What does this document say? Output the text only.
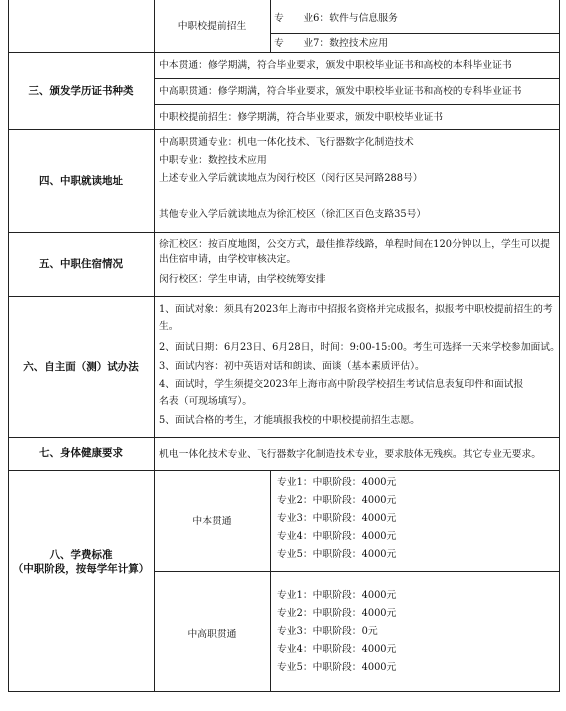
中职校提前招生
专　　业6：软件与信息服务
专　　业7：数控技术应用
三、颁发学历证书种类
中本贯通：修学期满，符合毕业要求，颁发中职校毕业证书和高校的本科毕业证书
中高职贯通：修学期满，符合毕业要求，颁发中职校毕业证书和高校的专科毕业证书
中职校提前招生：修学期满，符合毕业要求，颁发中职校毕业证书
四、中职就读地址
中高职贯通专业：机电一体化技术、飞行器数字化制造技术
中职专业：数控技术应用
上述专业入学后就读地点为闵行校区（闵行区吴河路288号）
其他专业入学后就读地点为徐汇校区（徐汇区百色支路35号）
五、中职住宿情况
徐汇校区：按百度地图，公交方式，最佳推荐线路，单程时间在120分钟以上，学生可以提出住宿申请，由学校审核决定。
闵行校区：学生申请，由学校统筹安排
六、自主面（测）试办法
1、面试对象：须具有2023年上海市中招报名资格并完成报名，拟报考中职校提前招生的考生。
2、面试日期：6月23日、6月28日，时间：9:00-15:00。考生可选择一天来学校参加面试。
3、面试内容：初中英语对话和朗读、面谈（基本素质评估）。
4、面试时，学生须提交2023年上海市高中阶段学校招生考试信息表复印件和面试报名表（可现场填写）。
5、面试合格的考生，才能填报我校的中职校提前招生志愿。
七、身体健康要求	机电一体化技术专业、飞行器数字化制造技术专业，要求肢体无残疾。其它专业无要求。
八、学费标准
（中职阶段，按每学年计算）
中本贯通
专业1：中职阶段：4000元
专业2：中职阶段：4000元
专业3：中职阶段：4000元
专业4：中职阶段：4000元
专业5：中职阶段：4000元
中高职贯通
专业1：中职阶段：4000元
专业2：中职阶段：4000元
专业3：中职阶段：0元
专业4：中职阶段：4000元
专业5：中职阶段：4000元
